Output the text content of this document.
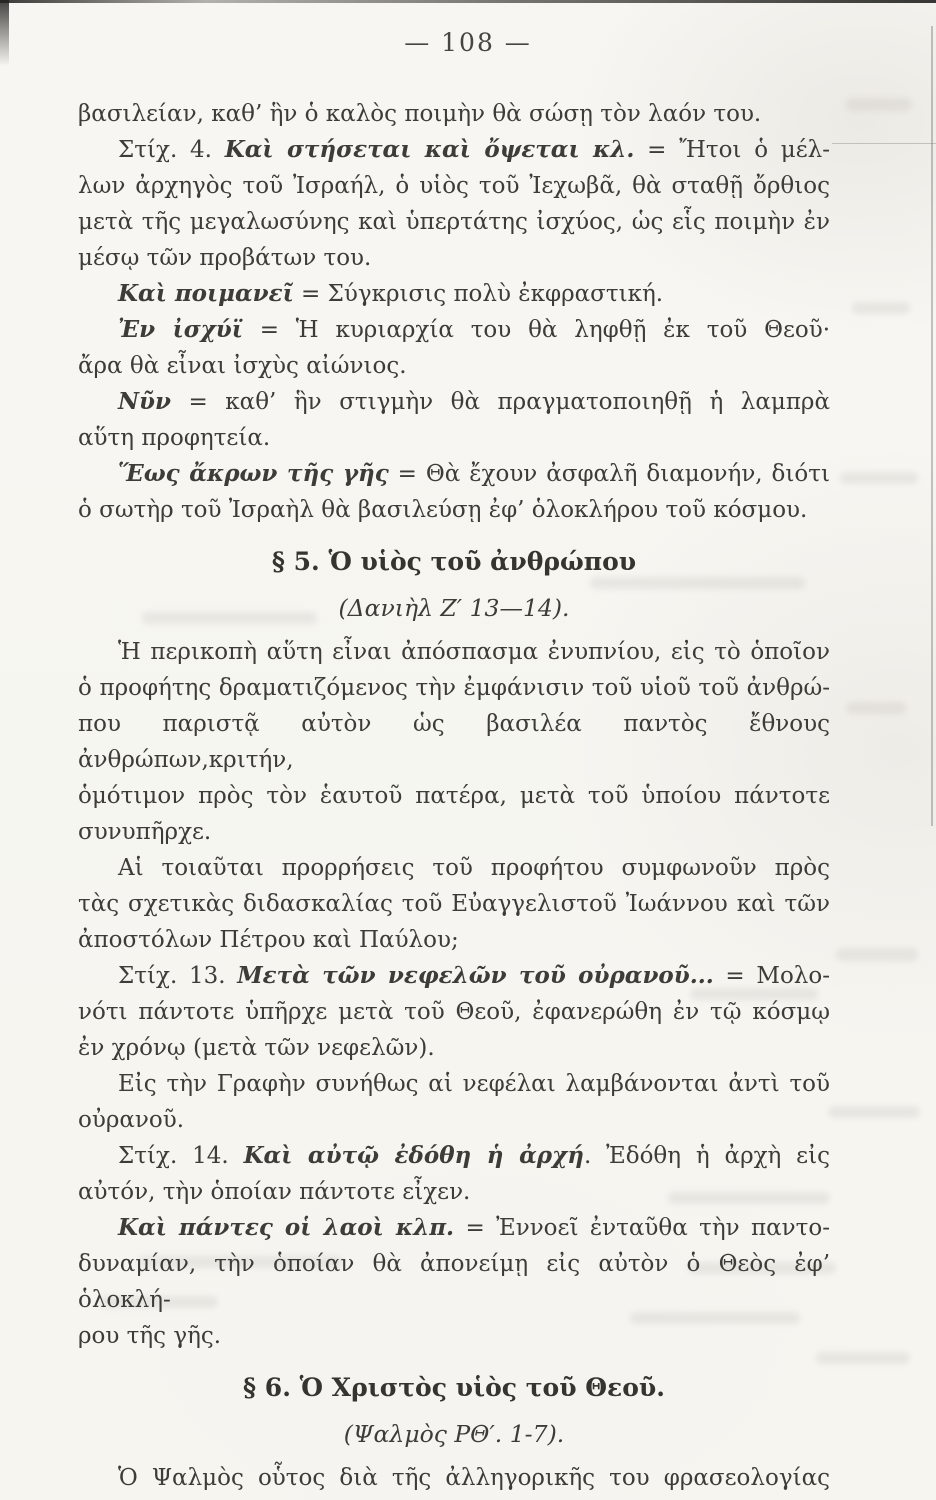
— 108 —
βασιλείαν, καθ’ ἣν ὁ καλὸς ποιμὴν θὰ σώσῃ τὸν λαόν του.
Στίχ. 4. Καὶ στήσεται καὶ ὄψεται κλ. = Ἤτοι ὁ μέλ-
λων ἀρχηγὸς τοῦ Ἰσραήλ, ὁ υἱὸς τοῦ Ἰεχωβᾶ, θὰ σταθῇ ὄρθιος
μετὰ τῆς μεγαλωσύνης καὶ ὑπερτάτης ἰσχύος, ὡς εἷς ποιμὴν ἐν
μέσῳ τῶν προβάτων του.
Καὶ ποιμανεῖ = Σύγκρισις πολὺ ἐκφραστική.
Ἐν ἰσχύϊ = Ἡ κυριαρχία του θὰ ληφθῇ ἐκ τοῦ Θεοῦ·
ἄρα θὰ εἶναι ἰσχὺς αἰώνιος.
Νῦν = καθ’ ἣν στιγμὴν θὰ πραγματοποιηθῇ ἡ λαμπρὰ
αὕτη προφητεία.
Ἕως ἄκρων τῆς γῆς = Θὰ ἔχουν ἀσφαλῆ διαμονήν, διότι
ὁ σωτὴρ τοῦ Ἰσραὴλ θὰ βασιλεύσῃ ἐφ’ ὁλοκλήρου τοῦ κόσμου.
§ 5. Ὁ υἱὸς τοῦ ἀνθρώπου
(Δανιὴλ Ζ′ 13—14).
Ἡ περικοπὴ αὕτη εἶναι ἀπόσπασμα ἐνυπνίου, εἰς τὸ ὁποῖον
ὁ προφήτης δραματιζόμενος τὴν ἐμφάνισιν τοῦ υἱοῦ τοῦ ἀνθρώ-
που παριστᾷ αὐτὸν ὡς βασιλέα παντὸς ἔθνους ἀνθρώπων,κριτήν,
ὁμότιμον πρὸς τὸν ἑαυτοῦ πατέρα, μετὰ τοῦ ὑποίου πάντοτε
συνυπῆρχε.
Αἱ τοιαῦται προρρήσεις τοῦ προφήτου συμφωνοῦν πρὸς
τὰς σχετικὰς διδασκαλίας τοῦ Εὐαγγελιστοῦ Ἰωάννου καὶ τῶν
ἀποστόλων Πέτρου καὶ Παύλου;
Στίχ. 13. Μετὰ τῶν νεφελῶν τοῦ οὐρανοῦ... = Μολο-
νότι πάντοτε ὑπῆρχε μετὰ τοῦ Θεοῦ, ἐφανερώθη ἐν τῷ κόσμῳ
ἐν χρόνῳ (μετὰ τῶν νεφελῶν).
Εἰς τὴν Γραφὴν συνήθως αἱ νεφέλαι λαμβάνονται ἀντὶ τοῦ
οὐρανοῦ.
Στίχ. 14. Καὶ αὐτῷ ἐδόθη ἡ ἀρχή. Ἐδόθη ἡ ἀρχὴ εἰς
αὐτόν, τὴν ὁποίαν πάντοτε εἶχεν.
Καὶ πάντες οἱ λαοὶ κλπ. = Ἐννοεῖ ἐνταῦθα τὴν παντο-
δυναμίαν, τὴν ὁποίαν θὰ ἀπονείμῃ εἰς αὐτὸν ὁ Θεὸς ἐφ’ ὁλοκλή-
ρου τῆς γῆς.
§ 6. Ὁ Χριστὸς υἱὸς τοῦ Θεοῦ.
(Ψαλμὸς ΡΘ′. 1-7).
Ὁ Ψαλμὸς οὗτος διὰ τῆς ἀλληγορικῆς του φρασεολογίας
